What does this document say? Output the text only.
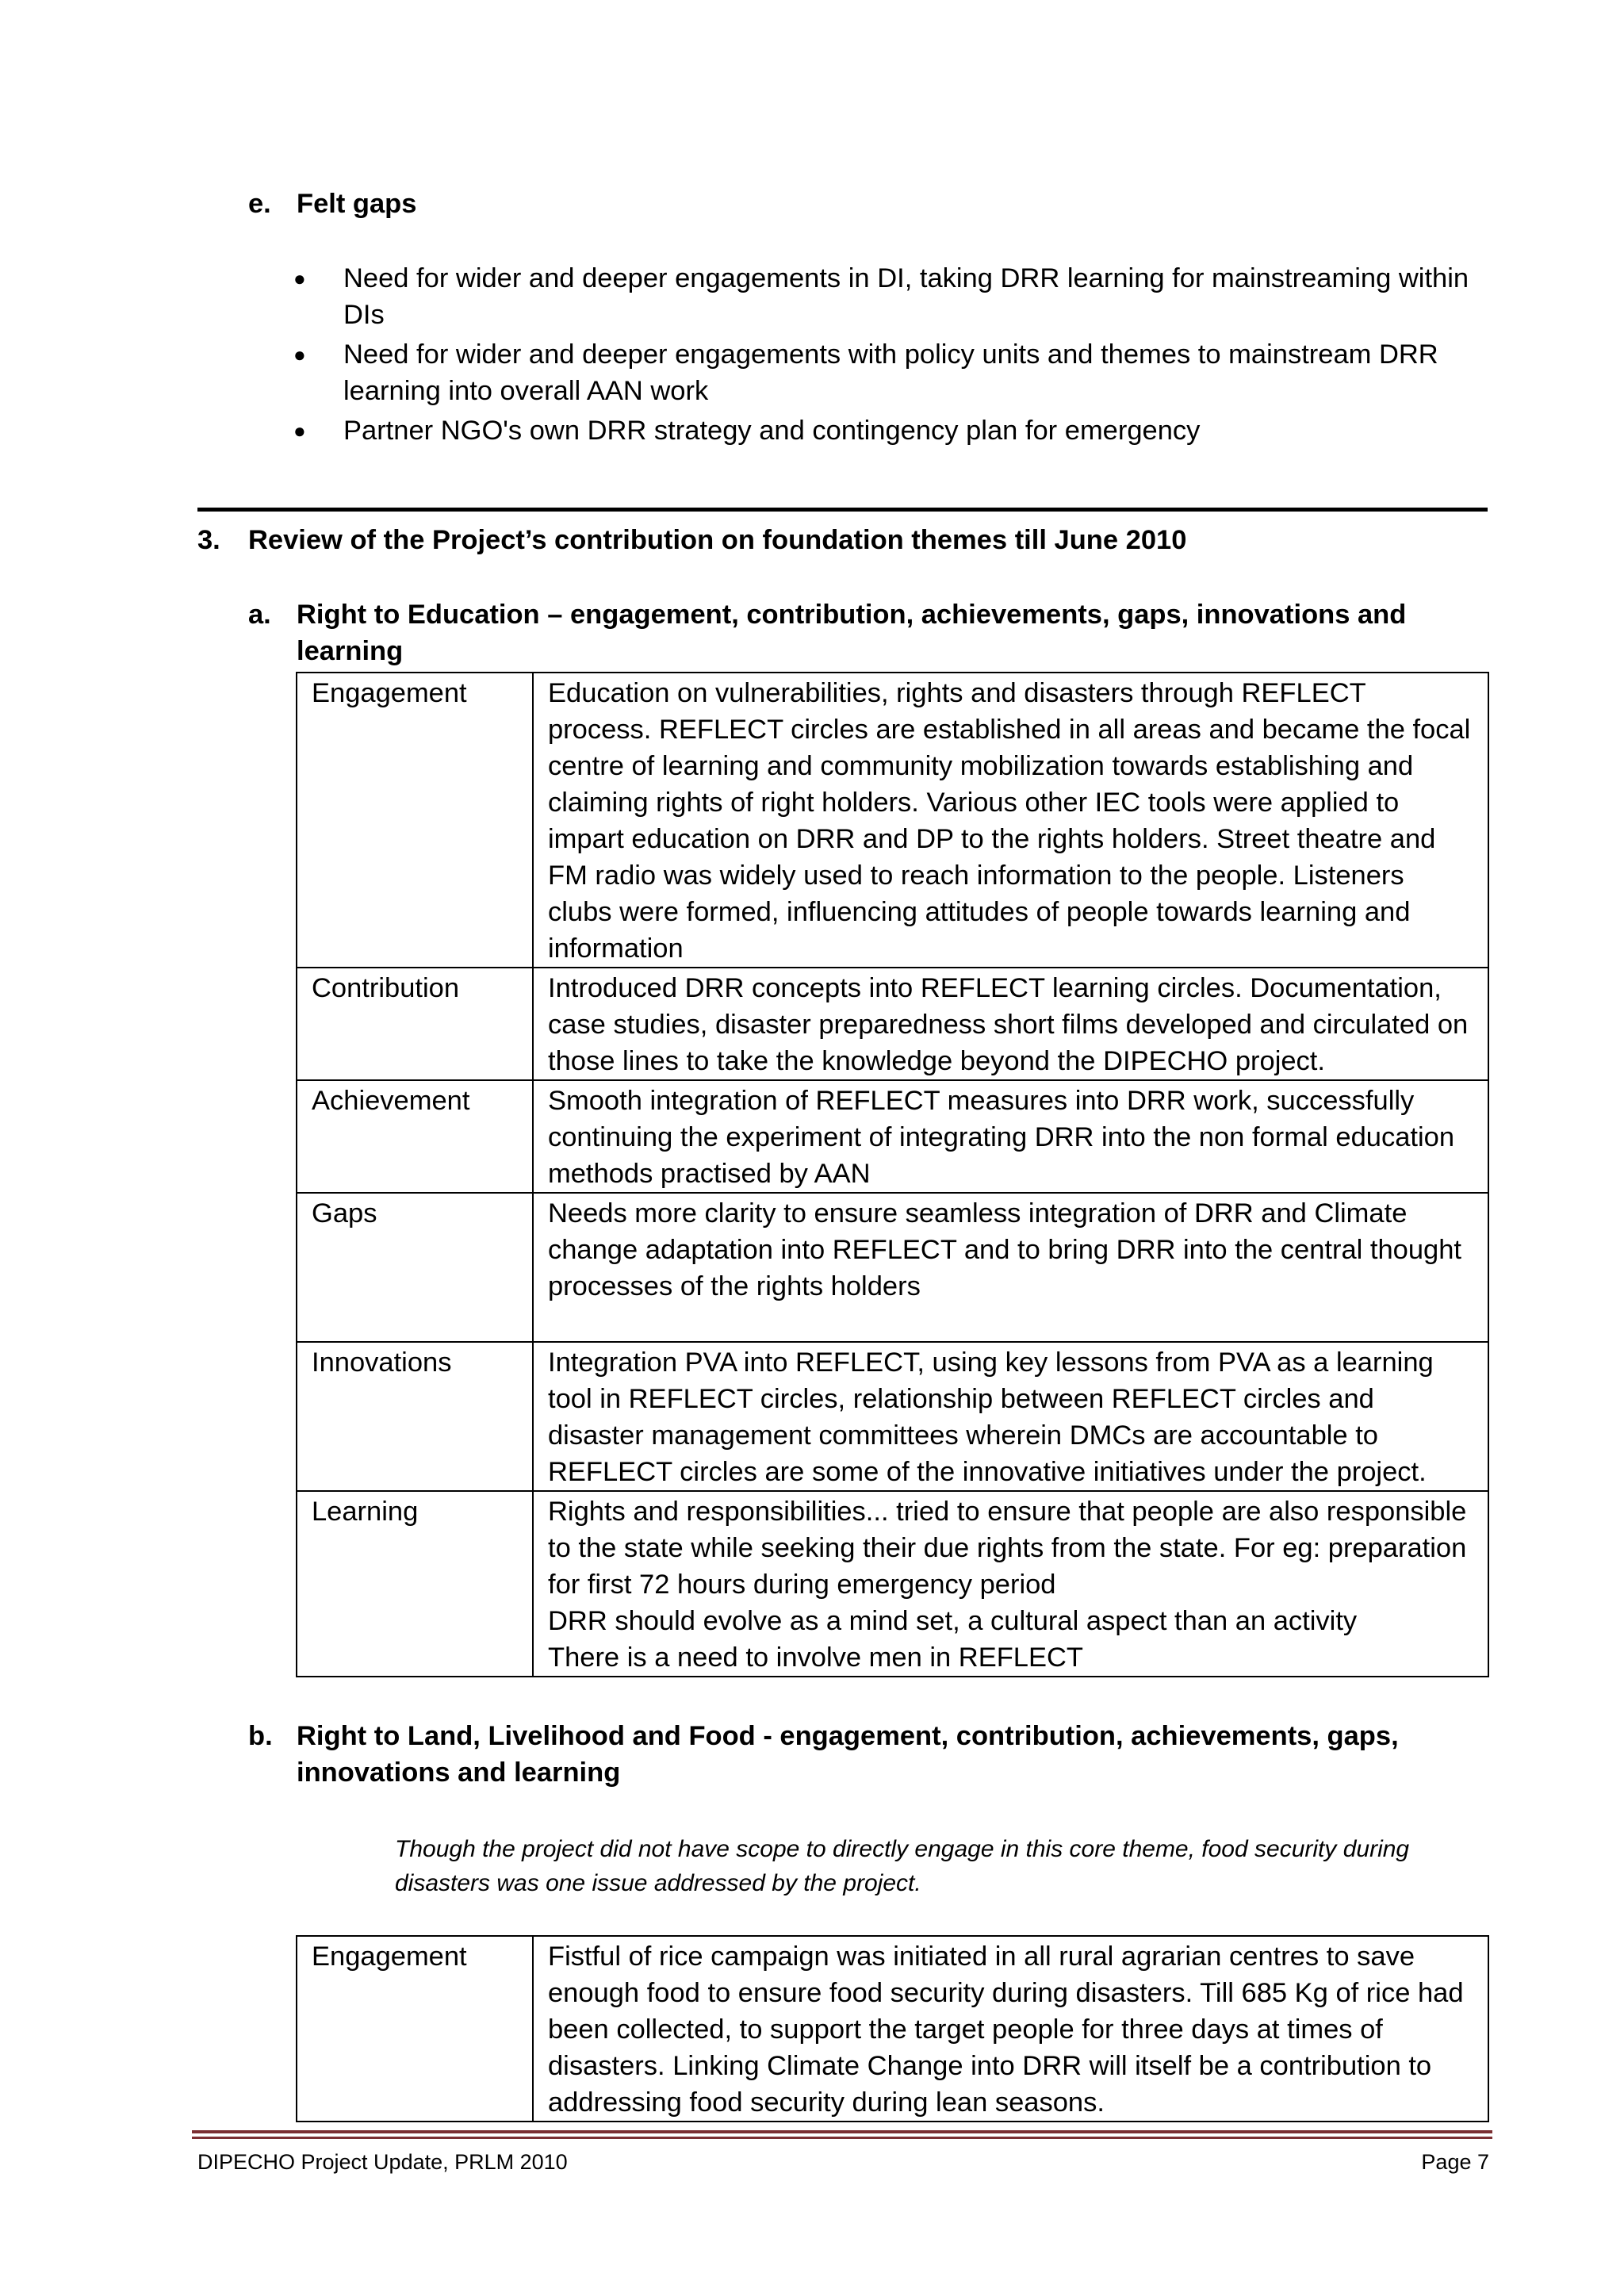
e. Felt gaps
● Need for wider and deeper engagements in DI, taking DRR learning for mainstreaming within DIs
● Need for wider and deeper engagements with policy units and themes to mainstream DRR learning into overall AAN work
● Partner NGO's own DRR strategy and contingency plan for emergency
3. Review of the Project’s contribution on foundation themes till June 2010
a. Right to Education – engagement, contribution, achievements, gaps, innovations and learning
Engagement	Education on vulnerabilities, rights and disasters through REFLECT process. REFLECT circles are established in all areas and became the focal centre of learning and community mobilization towards establishing and claiming rights of right holders. Various other IEC tools were applied to impart education on DRR and DP to the rights holders. Street theatre and FM radio was widely used to reach information to the people. Listeners clubs were formed, influencing attitudes of people towards learning and information
Contribution	Introduced DRR concepts into REFLECT learning circles. Documentation, case studies, disaster preparedness short films developed and circulated on those lines to take the knowledge beyond the DIPECHO project.
Achievement	Smooth integration of REFLECT measures into DRR work, successfully continuing the experiment of integrating DRR into the non formal education methods practised by AAN
Gaps	Needs more clarity to ensure seamless integration of DRR and Climate change adaptation into REFLECT and to bring DRR into the central thought processes of the rights holders
Innovations	Integration PVA into REFLECT, using key lessons from PVA as a learning tool in REFLECT circles, relationship between REFLECT circles and disaster management committees wherein DMCs are accountable to REFLECT circles are some of the innovative initiatives under the project.
Learning	Rights and responsibilities... tried to ensure that people are also responsible to the state while seeking their due rights from the state. For eg: preparation for first 72 hours during emergency period
DRR should evolve as a mind set, a cultural aspect than an activity
There is a need to involve men in REFLECT
b. Right to Land, Livelihood and Food - engagement, contribution, achievements, gaps, innovations and learning
Though the project did not have scope to directly engage in this core theme, food security during disasters was one issue addressed by the project.
Engagement	Fistful of rice campaign was initiated in all rural agrarian centres to save enough food to ensure food security during disasters. Till 685 Kg of rice had been collected, to support the target people for three days at times of disasters. Linking Climate Change into DRR will itself be a contribution to addressing food security during lean seasons.
DIPECHO Project Update, PRLM 2010	Page 7
